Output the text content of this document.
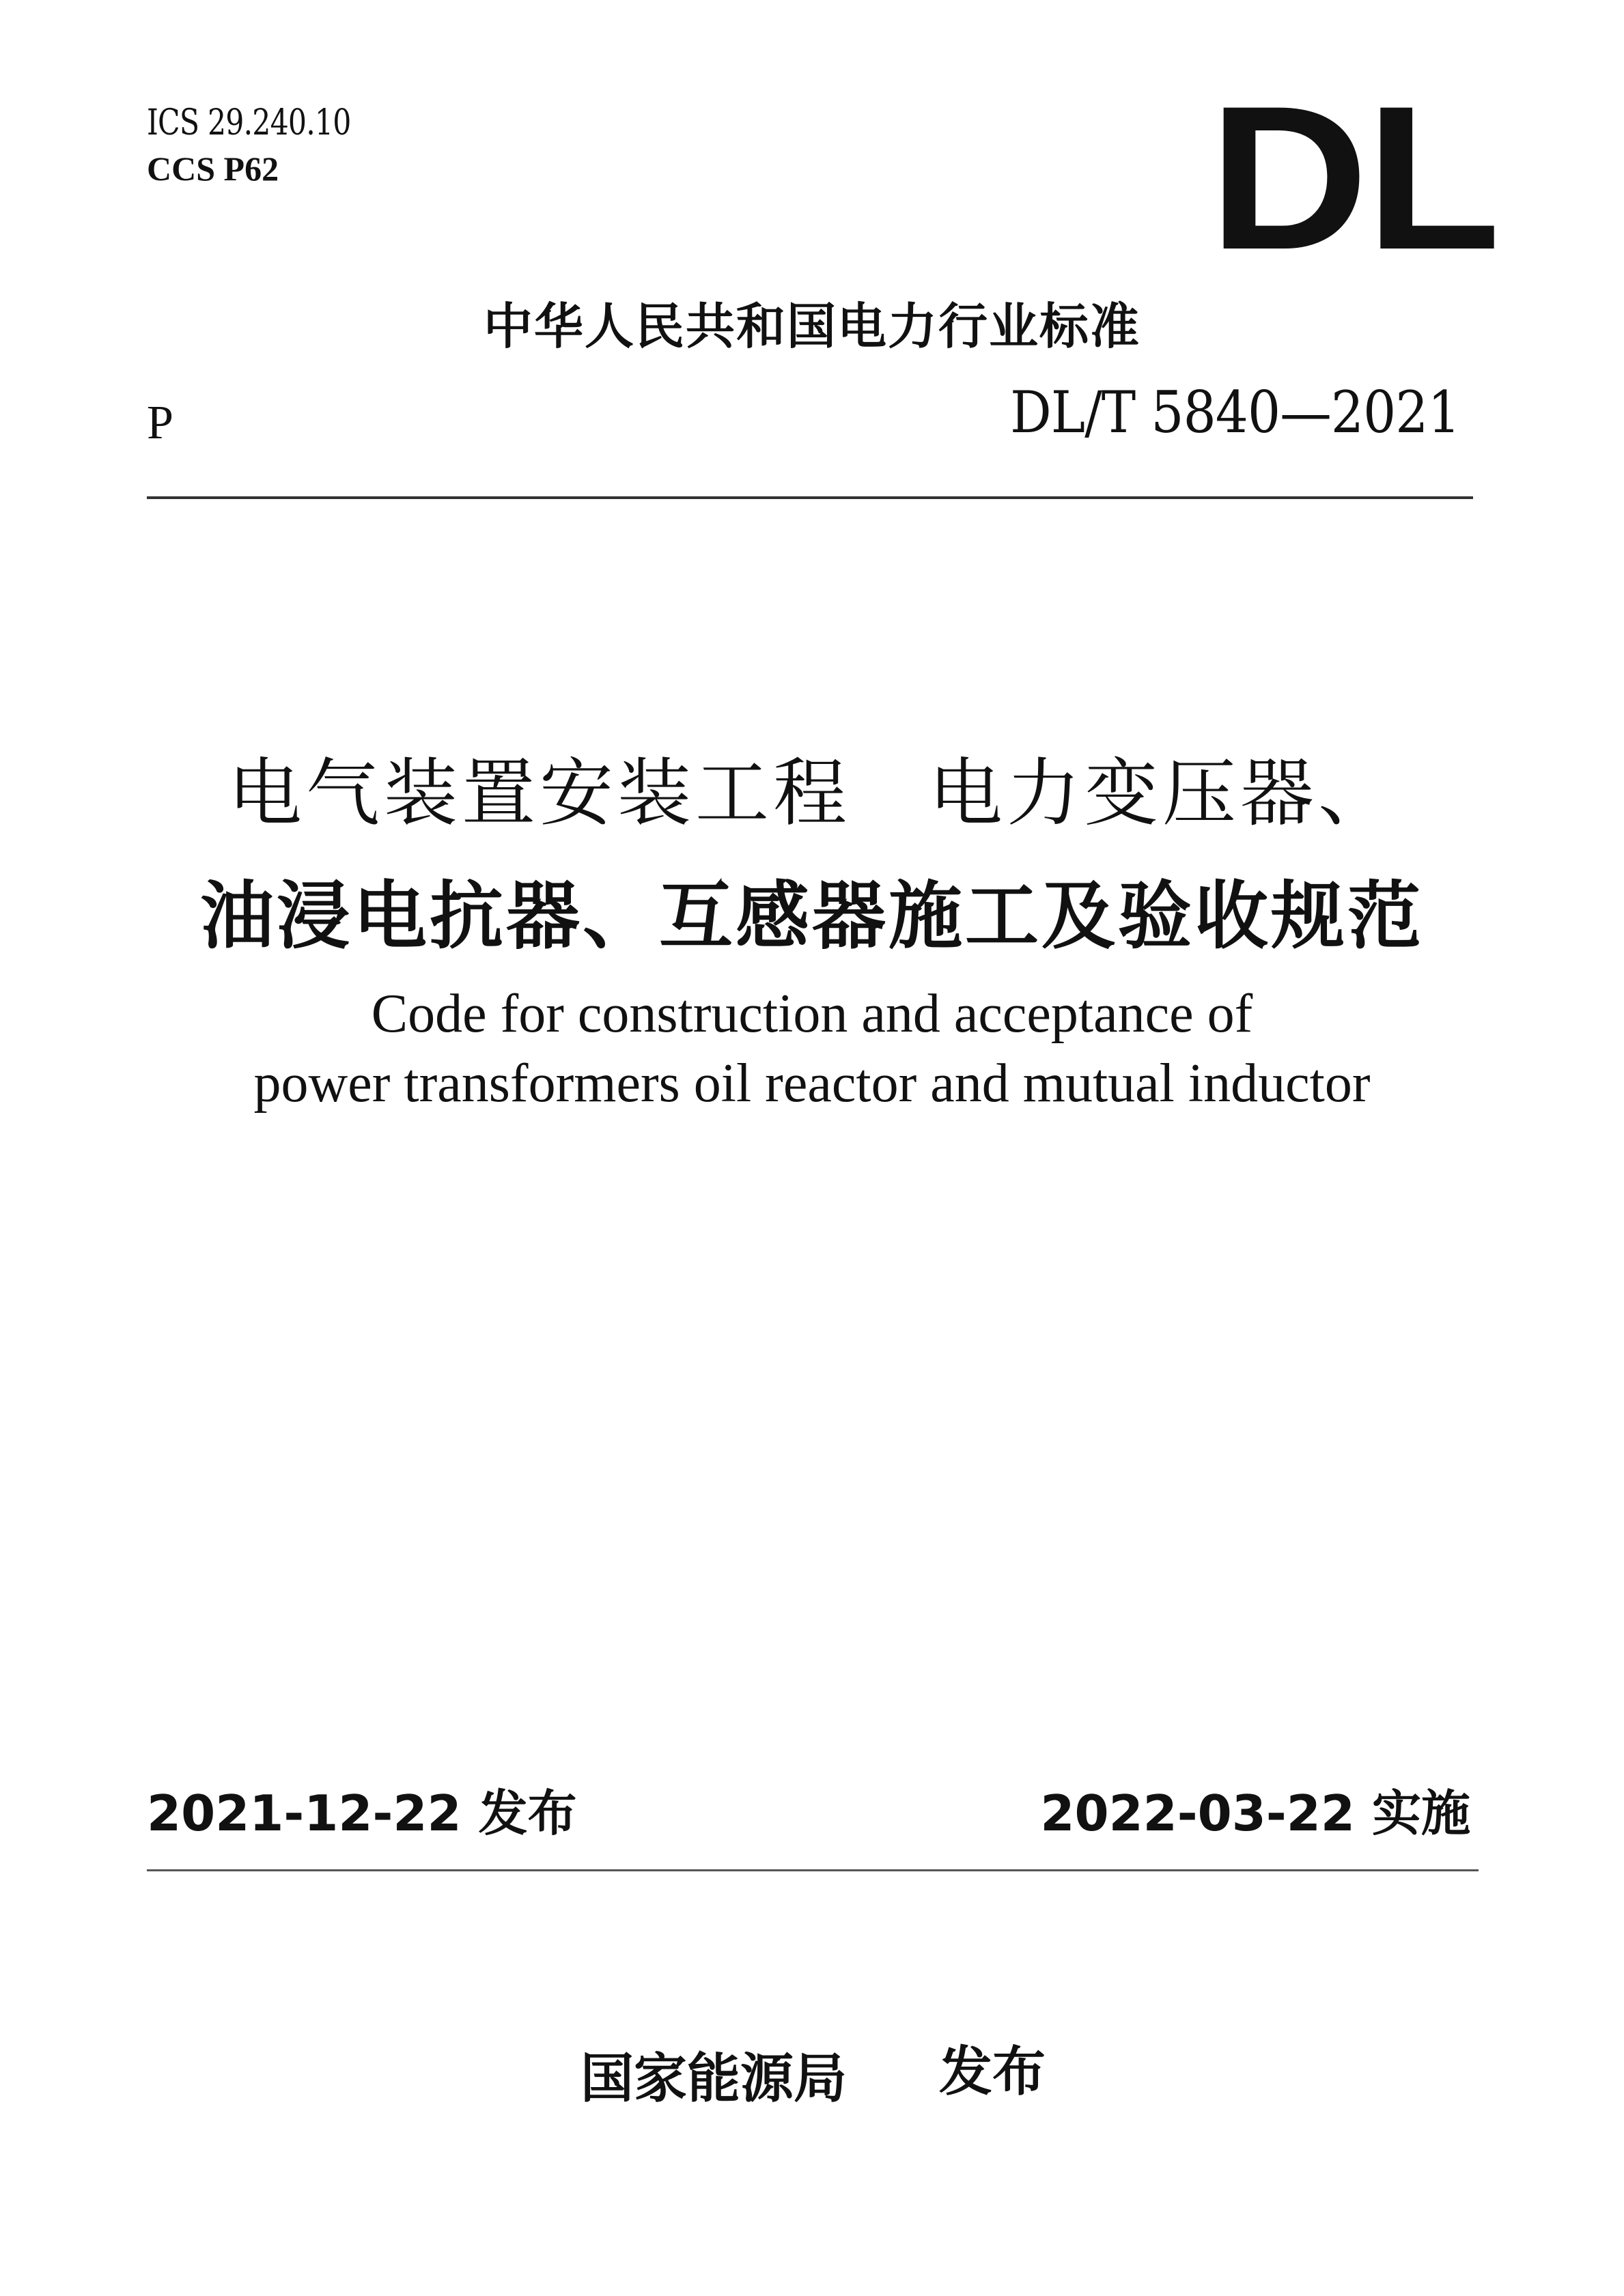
ICS 29.240.10
CCS P62	DL
中华人民共和国电力行业标准
P	DL/T 5840—2021
电气装置安装工程　电力变压器、
油浸电抗器、互感器施工及验收规范
Code for construction and acceptance of
power transformers oil reactor and mutual inductor
2021-12-22 发布	2022-03-22 实施
国家能源局 发布
